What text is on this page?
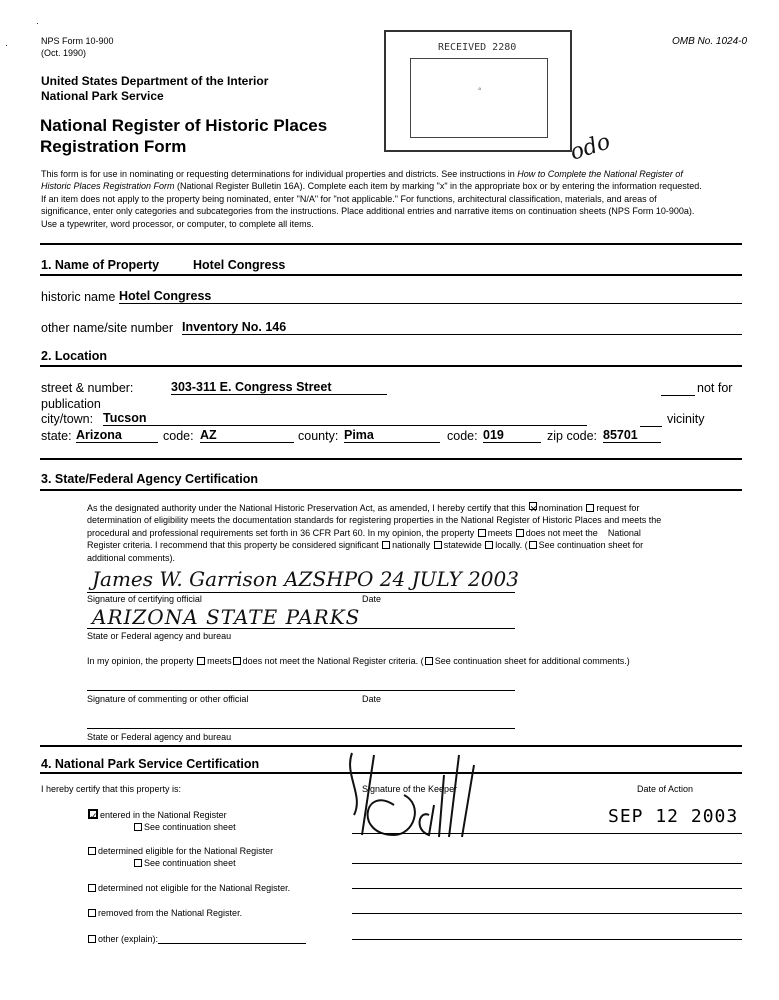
·
·
NPS Form 10-900
(Oct. 1990)
OMB No. 1024-0
RECEIVED 2280
◦
odo
United States Department of the Interior
National Park Service
National Register of Historic Places
Registration Form
This form is for use in nominating or requesting determinations for individual properties and districts. See instructions in How to Complete the National Register of
Historic Places Registration Form (National Register Bulletin 16A). Complete each item by marking "x" in the appropriate box or by entering the information requested.
If an item does not apply to the property being nominated, enter "N/A" for "not applicable." For functions, architectural classification, materials, and areas of
significance, enter only categories and subcategories from the instructions. Place additional entries and narrative items on continuation sheets (NPS Form 10-900a).
Use a typewriter, word processor, or computer, to complete all items.
1. Name of Property	Hotel Congress
historic name Hotel Congress
other name/site number Inventory No. 146
2. Location
street & number:	303-311 E. Congress Street	not for
publication
city/town: Tucson	vicinity
state: Arizona	code: AZ	county: Pima	code: 019	zip code: 85701
3. State/Federal Agency Certification
As the designated authority under the National Historic Preservation Act, as amended, I hereby certify that this ✕nomination request for
determination of eligibility meets the documentation standards for registering properties in the National Register of Historic Places and meets the
procedural and professional requirements set forth in 36 CFR Part 60. In my opinion, the property meets does not meet the National
Register criteria. I recommend that this property be considered significant nationally statewide locally. ( See continuation sheet for
additional comments).
James W. Garrison AZSHPO 24 JULY 2003
Signature of certifying official	Date
ARIZONA STATE PARKS
State or Federal agency and bureau
In my opinion, the property meets does not meet the National Register criteria. ( See continuation sheet for additional comments.)
Signature of commenting or other official	Date
State or Federal agency and bureau
4. National Park Service Certification
I hereby certify that this property is:	Signature of the Keeper	Date of Action
SEP 12 2003
✓ entered in the National Register
See continuation sheet
determined eligible for the National Register
See continuation sheet
determined not eligible for the National Register.
removed from the National Register.
other (explain):
